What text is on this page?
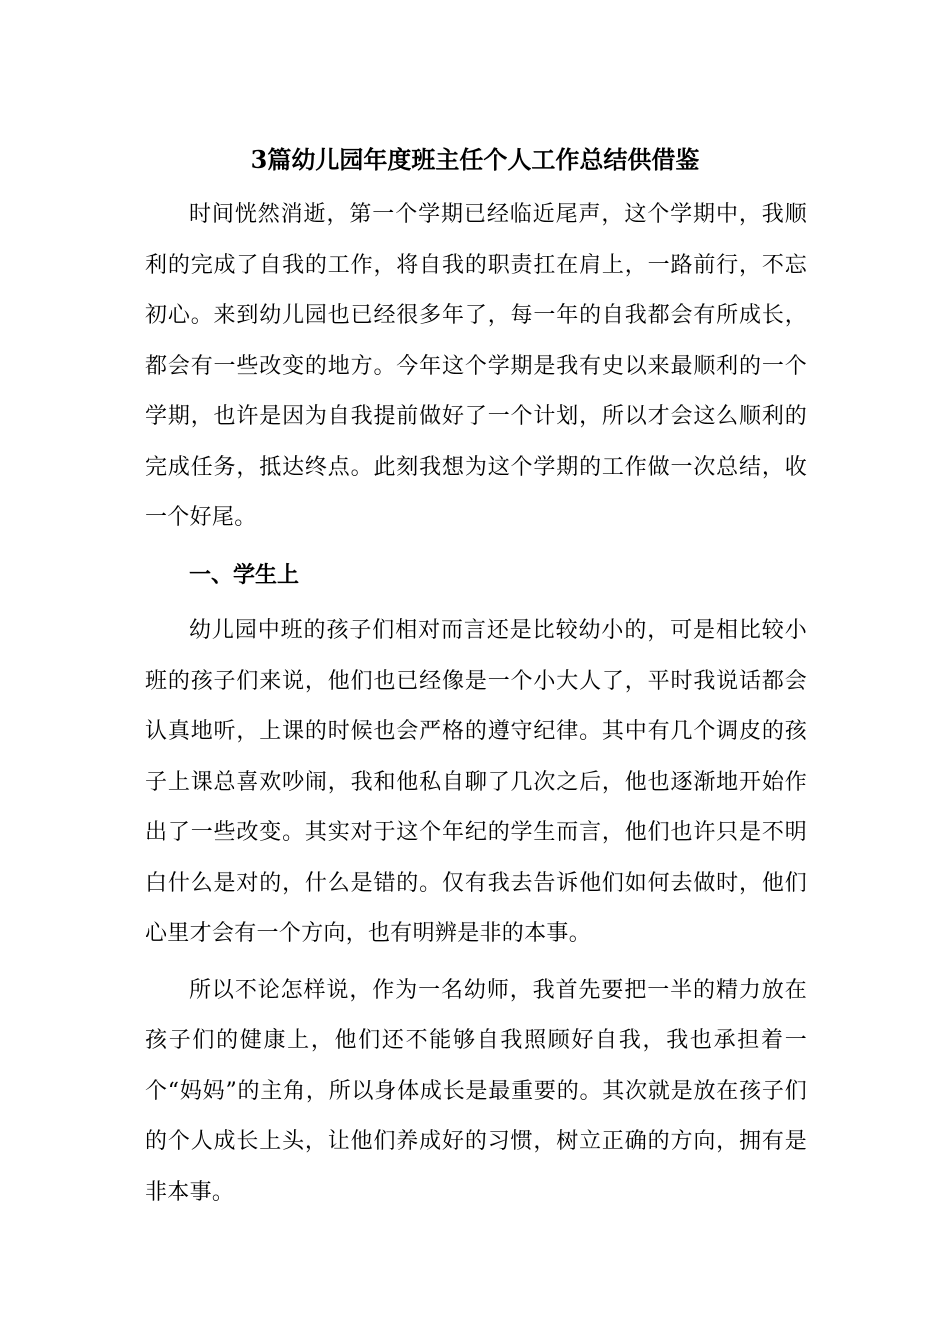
3篇幼儿园年度班主任个人工作总结供借鉴

时间恍然消逝，第一个学期已经临近尾声，这个学期中，我顺利的完成了自我的工作，将自我的职责扛在肩上，一路前行，不忘初心。来到幼儿园也已经很多年了，每一年的自我都会有所成长，都会有一些改变的地方。今年这个学期是我有史以来最顺利的一个学期，也许是因为自我提前做好了一个计划，所以才会这么顺利的完成任务，抵达终点。此刻我想为这个学期的工作做一次总结，收一个好尾。

一、学生上

幼儿园中班的孩子们相对而言还是比较幼小的，可是相比较小班的孩子们来说，他们也已经像是一个小大人了，平时我说话都会认真地听，上课的时候也会严格的遵守纪律。其中有几个调皮的孩子上课总喜欢吵闹，我和他私自聊了几次之后，他也逐渐地开始作出了一些改变。其实对于这个年纪的学生而言，他们也许只是不明白什么是对的，什么是错的。仅有我去告诉他们如何去做时，他们心里才会有一个方向，也有明辨是非的本事。

所以不论怎样说，作为一名幼师，我首先要把一半的精力放在孩子们的健康上，他们还不能够自我照顾好自我，我也承担着一个“妈妈”的主角，所以身体成长是最重要的。其次就是放在孩子们的个人成长上头，让他们养成好的习惯，树立正确的方向，拥有是非本事。
